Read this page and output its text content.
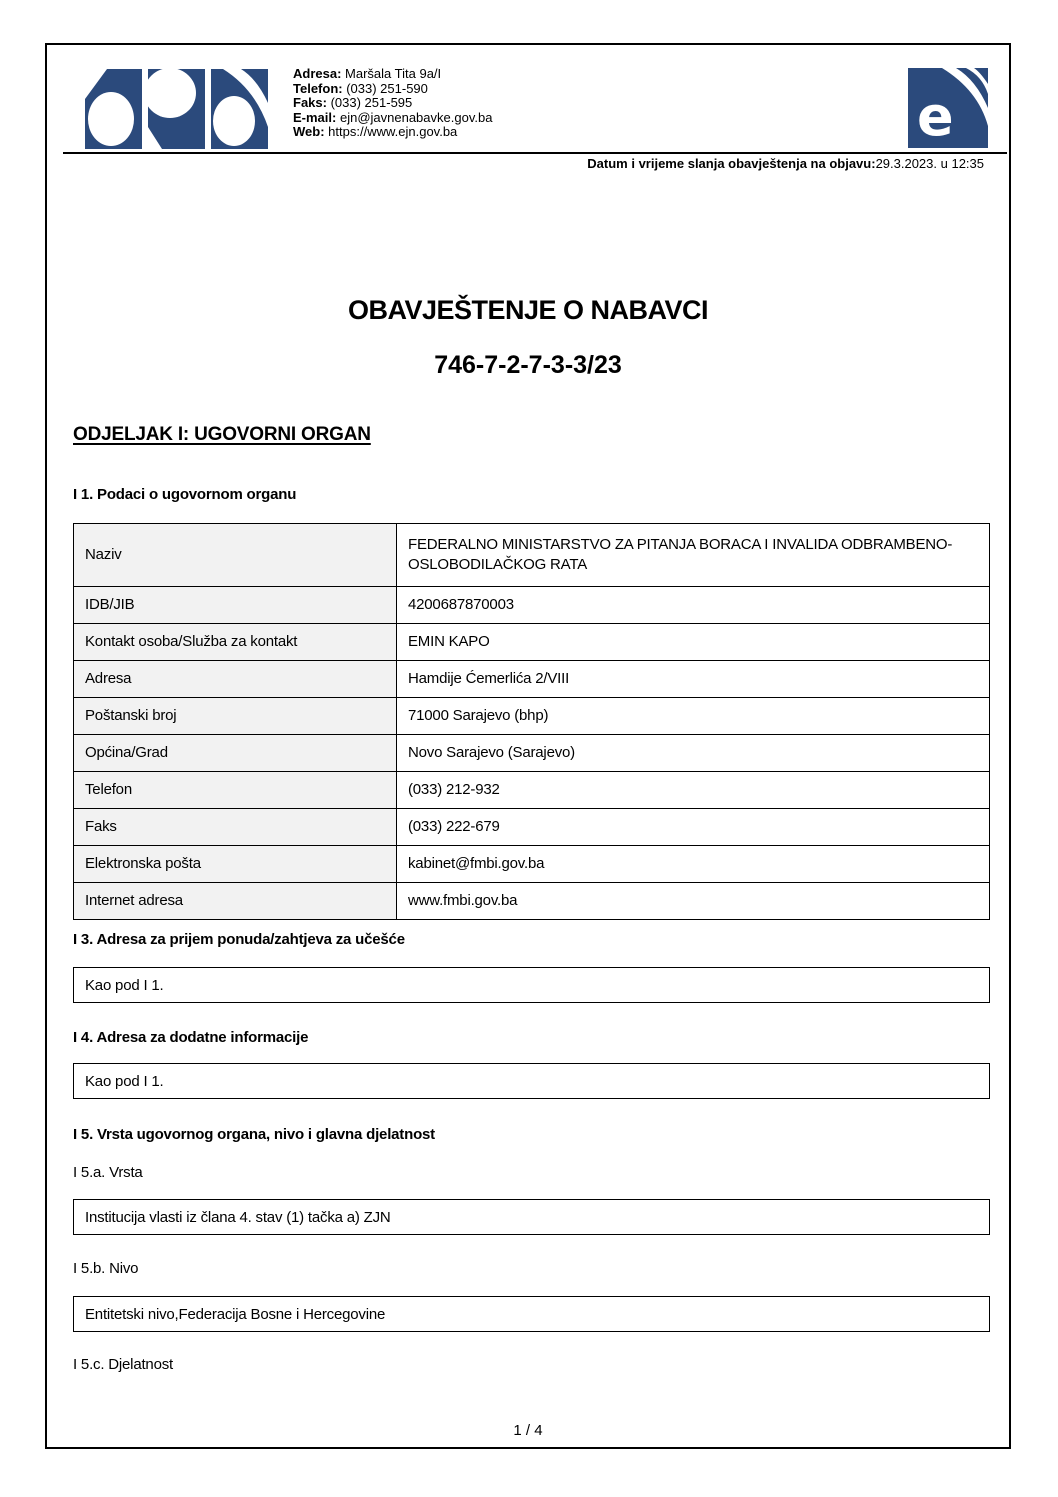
Adresa: Maršala Tita 9a/I
Telefon: (033) 251-590
Faks: (033) 251-595
E-mail: ejn@javnenabavke.gov.ba
Web: https://www.ejn.gov.ba	e
Datum i vrijeme slanja obavještenja na objavu:29.3.2023. u 12:35
OBAVJEŠTENJE O NABAVCI
746-7-2-7-3-3/23
ODJELJAK I: UGOVORNI ORGAN
I 1. Podaci o ugovornom organu
Naziv	FEDERALNO MINISTARSTVO ZA PITANJA BORACA I INVALIDA ODBRAMBENO-OSLOBODILAČKOG RATA
IDB/JIB	4200687870003
Kontakt osoba/Služba za kontakt	EMIN KAPO
Adresa	Hamdije Ćemerlića 2/VIII
Poštanski broj	71000 Sarajevo (bhp)
Općina/Grad	Novo Sarajevo (Sarajevo)
Telefon	(033) 212-932
Faks	(033) 222-679
Elektronska pošta	kabinet@fmbi.gov.ba
Internet adresa	www.fmbi.gov.ba
I 3. Adresa za prijem ponuda/zahtjeva za učešće
Kao pod I 1.
I 4. Adresa za dodatne informacije
Kao pod I 1.
I 5. Vrsta ugovornog organa, nivo i glavna djelatnost
I 5.a. Vrsta
Institucija vlasti iz člana 4. stav (1) tačka a) ZJN
I 5.b. Nivo
Entitetski nivo,Federacija Bosne i Hercegovine
I 5.c. Djelatnost
1 / 4
